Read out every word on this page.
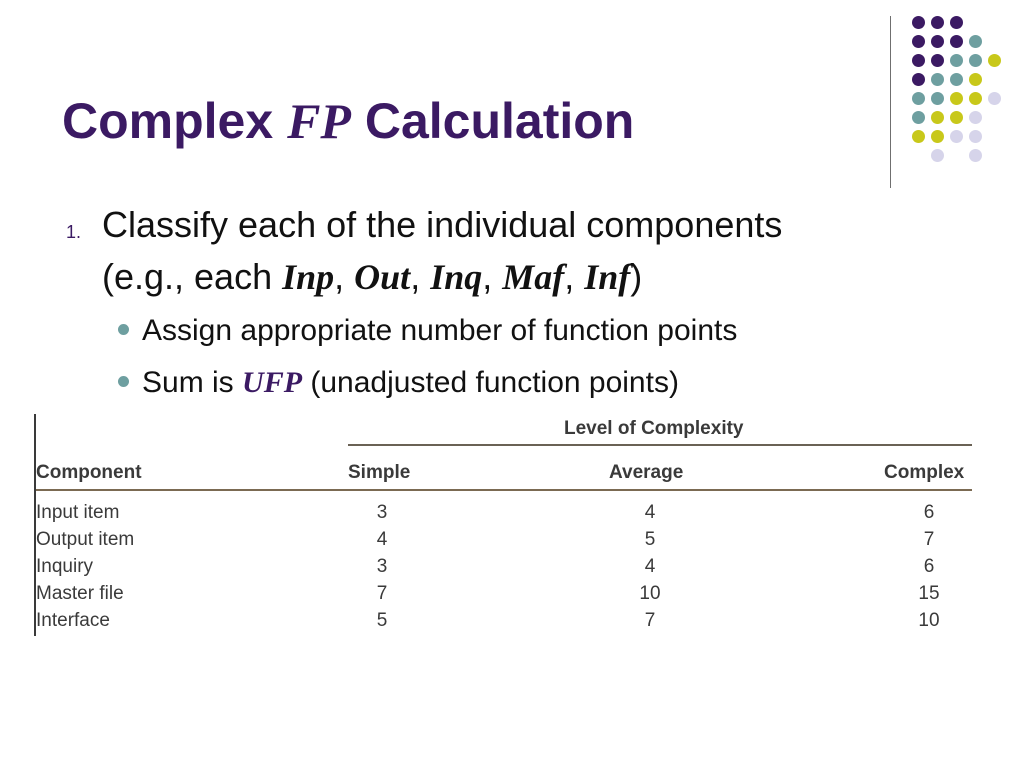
Complex FP Calculation
1. Classify each of the individual components
(e.g., each Inp, Out, Inq, Maf, Inf)
Assign appropriate number of function points
Sum is UFP (unadjusted function points)
Level of Complexity
Component	Simple	Average	Complex
Input item	3	4	6
Output item	4	5	7
Inquiry	3	4	6
Master file	7	10	15
Interface	5	7	10
